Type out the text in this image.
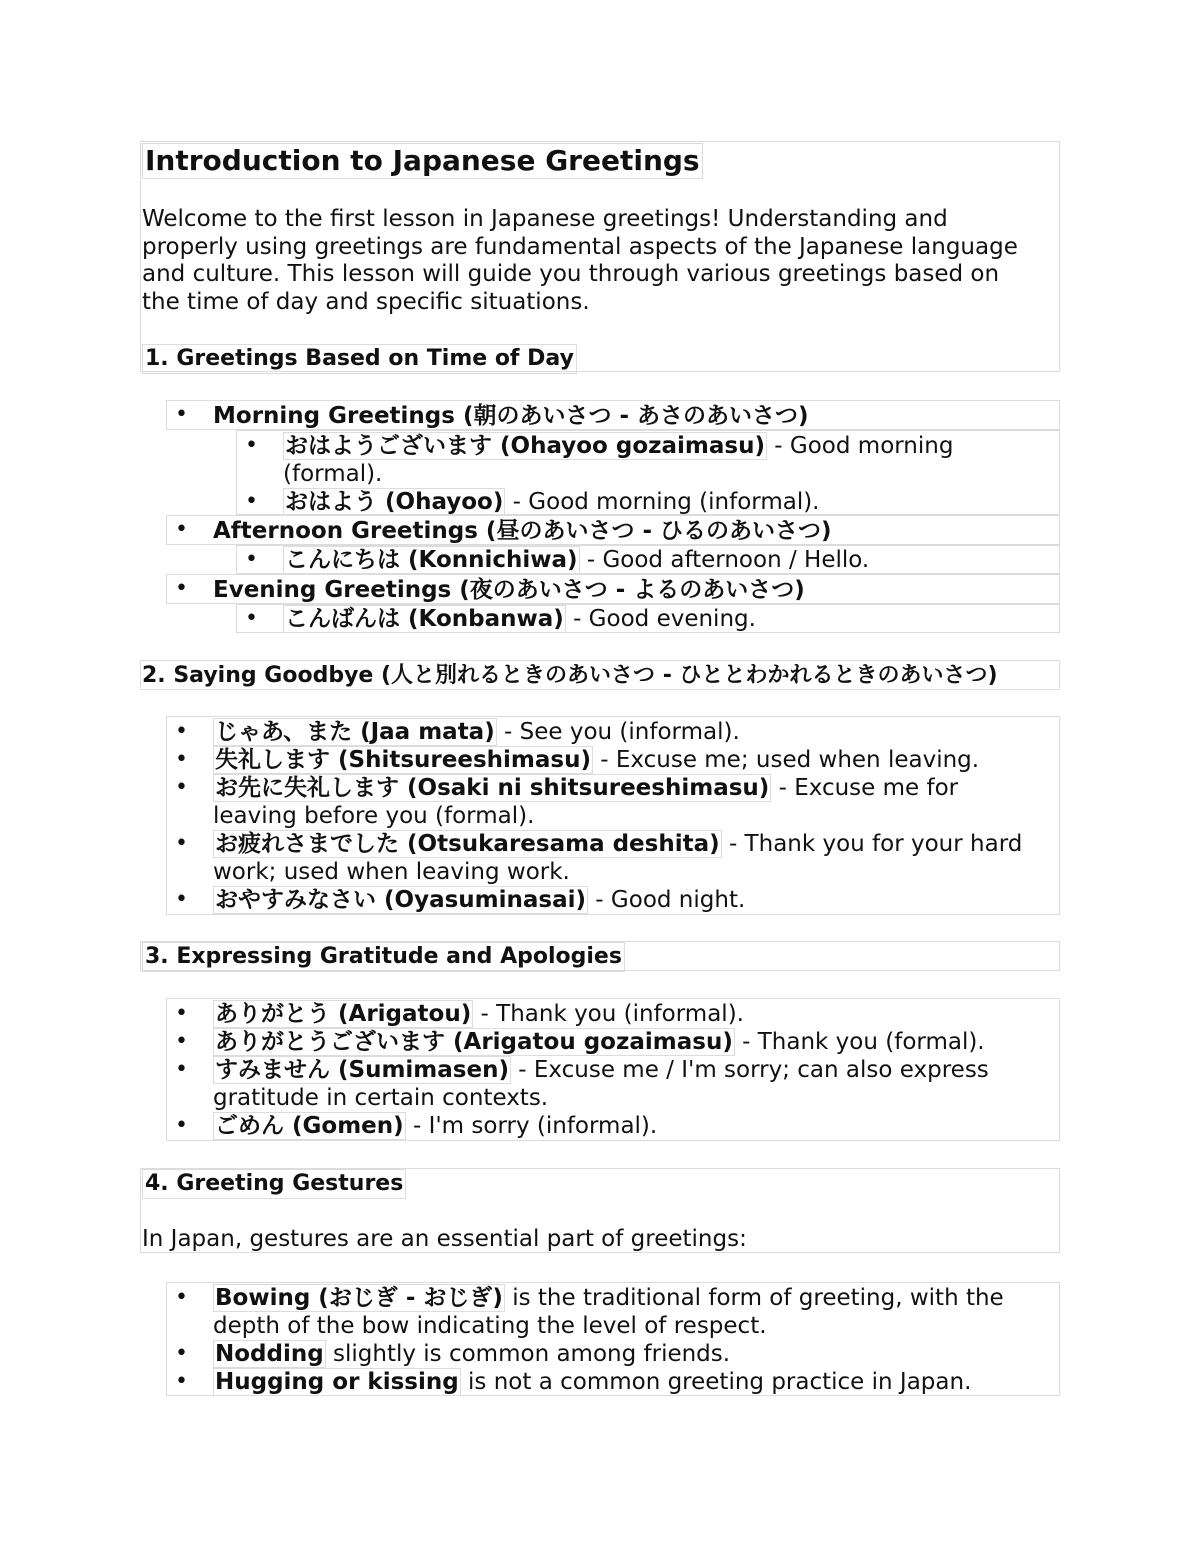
Introduction to Japanese Greetings
Welcome to the first lesson in Japanese greetings! Understanding and
properly using greetings are fundamental aspects of the Japanese language
and culture. This lesson will guide you through various greetings based on
the time of day and specific situations.
1. Greetings Based on Time of Day
• Morning Greetings (朝のあいさつ - あさのあいさつ)
• おはようございます (Ohayoo gozaimasu) - Good morning
(formal).
• おはよう (Ohayoo) - Good morning (informal).
• Afternoon Greetings (昼のあいさつ - ひるのあいさつ)
• こんにちは (Konnichiwa) - Good afternoon / Hello.
• Evening Greetings (夜のあいさつ - よるのあいさつ)
• こんばんは (Konbanwa) - Good evening.
2. Saying Goodbye (人と別れるときのあいさつ - ひととわかれるときのあいさつ)
• じゃあ、また (Jaa mata) - See you (informal).
• 失礼します (Shitsureeshimasu) - Excuse me; used when leaving.
• お先に失礼します (Osaki ni shitsureeshimasu) - Excuse me for
leaving before you (formal).
• お疲れさまでした (Otsukaresama deshita) - Thank you for your hard
work; used when leaving work.
• おやすみなさい (Oyasuminasai) - Good night.
3. Expressing Gratitude and Apologies
• ありがとう (Arigatou) - Thank you (informal).
• ありがとうございます (Arigatou gozaimasu) - Thank you (formal).
• すみません (Sumimasen) - Excuse me / I'm sorry; can also express
gratitude in certain contexts.
• ごめん (Gomen) - I'm sorry (informal).
4. Greeting Gestures
In Japan, gestures are an essential part of greetings:
• Bowing (おじぎ - おじぎ) is the traditional form of greeting, with the
depth of the bow indicating the level of respect.
• Nodding slightly is common among friends.
• Hugging or kissing is not a common greeting practice in Japan.
